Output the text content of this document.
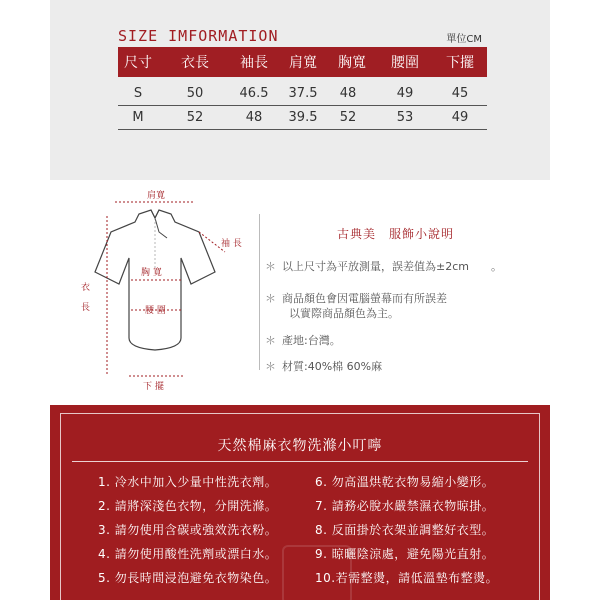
SIZE IMFORMATION	單位CM
尺寸 衣長 袖長 肩寬 胸寬 腰圍 下擺
S	50	46.5 37.5 48	49	45
M	52	48 39.5 52	53	49
肩寬
袖 長
衣
長
胸 寬
腰 圍
下 擺
古典美　服飾小說明
＊ 以上尺寸為平放測量，誤差值為±2cm　　。
＊ 商品顏色會因電腦螢幕而有所誤差
以實際商品顏色為主。
＊ 產地:台灣。
＊ 材質:40%棉 60%麻
天然棉麻衣物洗滌小叮嚀
1. 冷水中加入少量中性洗衣劑。
2. 請將深淺色衣物，分開洗滌。
3. 請勿使用含碳或強效洗衣粉。
4. 請勿使用酸性洗劑或漂白水。
5. 勿長時間浸泡避免衣物染色。
6. 勿高溫烘乾衣物易縮小變形。
7. 請務必脫水嚴禁濕衣物晾掛。
8. 反面掛於衣架並調整好衣型。
9. 晾曬陰涼處，避免陽光直射。
10.若需整燙，請低溫墊布整燙。
